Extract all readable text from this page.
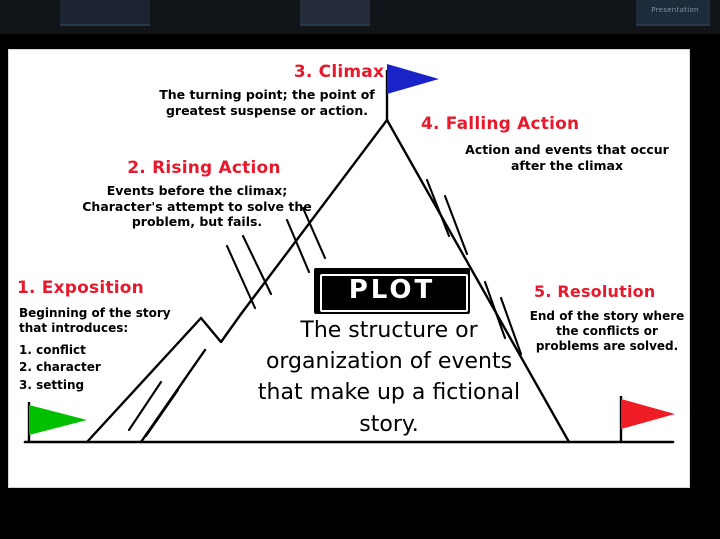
Presentation
3. Climax
The turning point; the point of greatest suspense or action.
2. Rising Action
Events before the climax; Character's attempt to solve the problem, but fails.
4. Falling Action
Action and events that occur after the climax
1. Exposition
Beginning of the story that introduces:
1. conflict
2. character
3. setting
5. Resolution
End of the story where the conflicts or problems are solved.
PLOT
The structure or organization of events that make up a fictional story.
